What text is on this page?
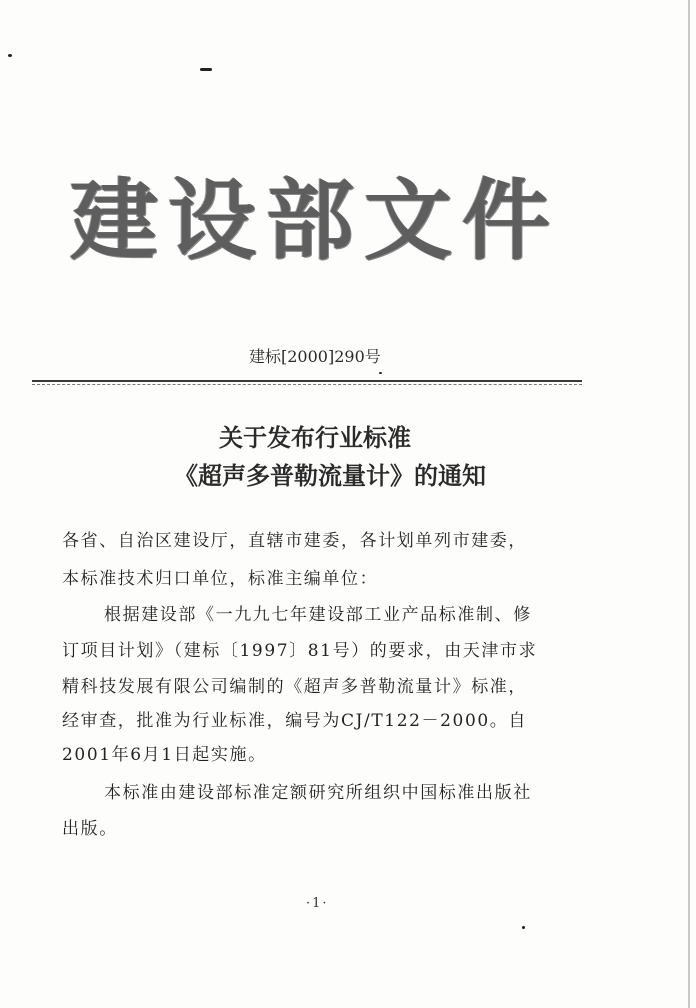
建设部文件
建标[2000]290号
关于发布行业标准
《超声多普勒流量计》的通知
各省、自治区建设厅，直辖市建委，各计划单列市建委，
本标准技术归口单位，标准主编单位：
根据建设部《一九九七年建设部工业产品标准制、修
订项目计划》（建标〔1997〕81号）的要求，由天津市求
精科技发展有限公司编制的《超声多普勒流量计》标准，
经审查，批准为行业标准，编号为CJ/T122－2000。自
2001年6月1日起实施。
本标准由建设部标准定额研究所组织中国标准出版社
出版。
·1·
